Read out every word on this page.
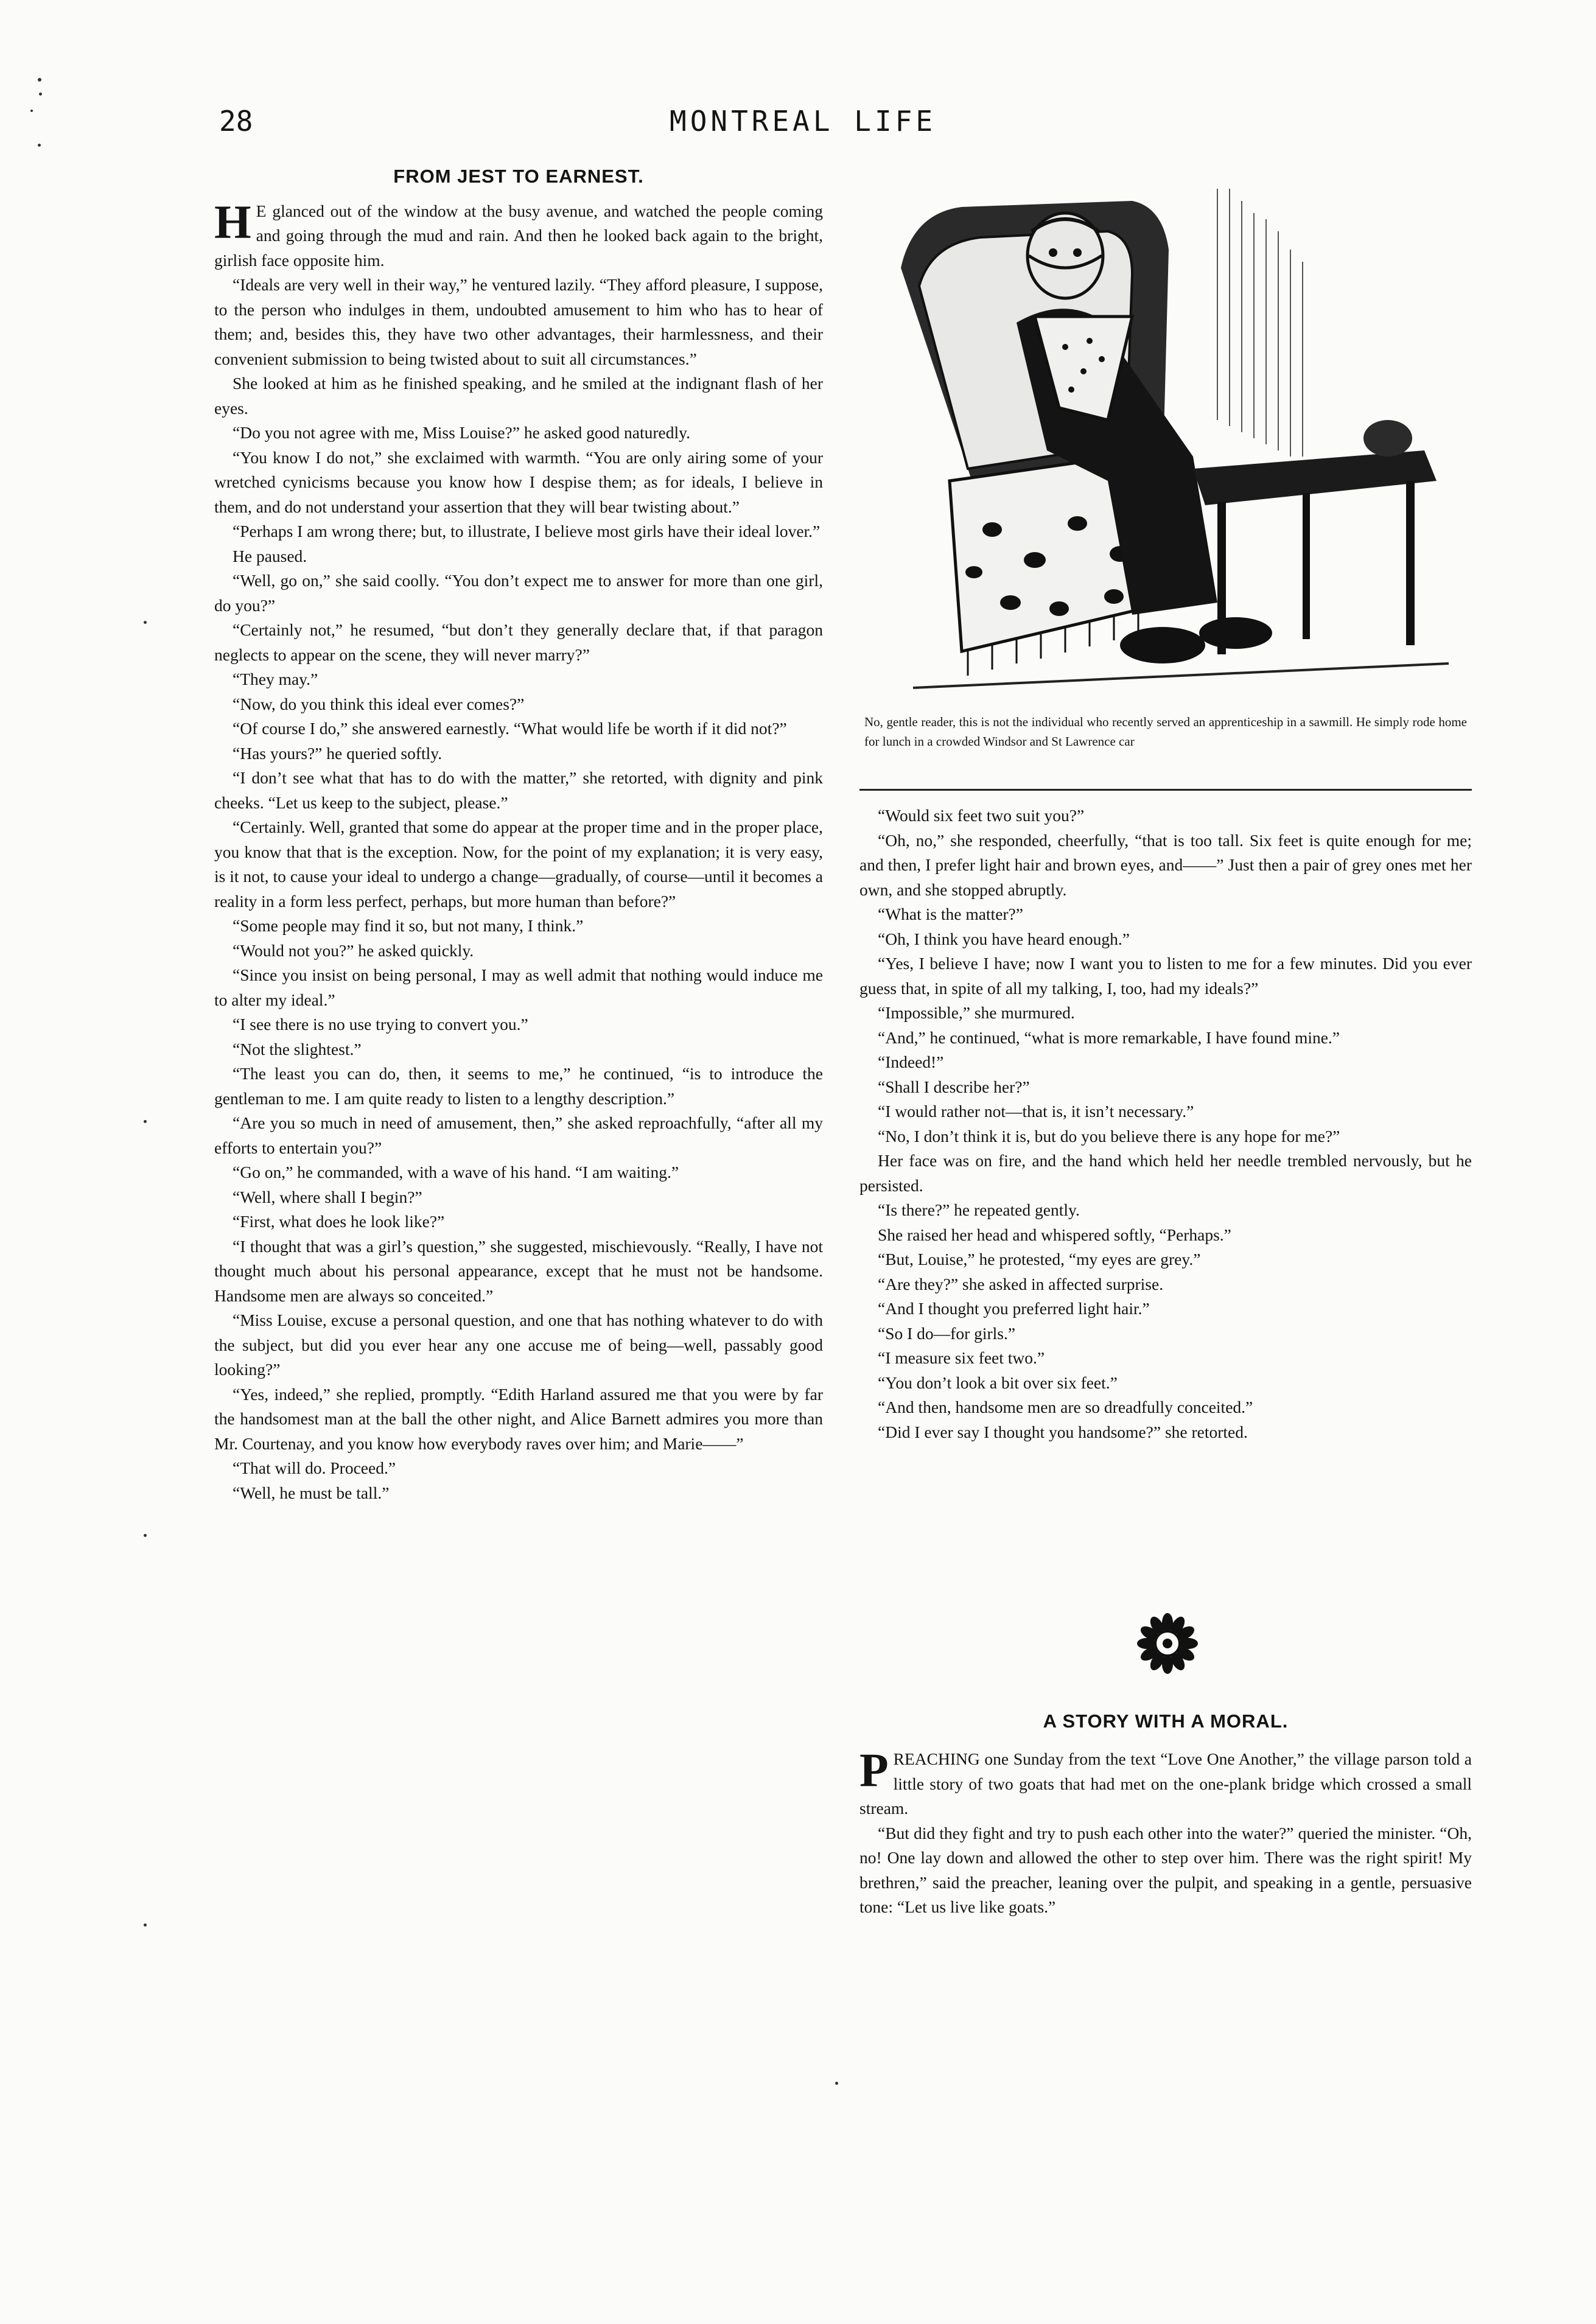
28	MONTREAL LIFE
FROM JEST TO EARNEST.

H E glanced out of the window at the busy avenue, and watched the people coming and going through the mud and rain. And then he looked back again to the bright, girlish face opposite him.

“Ideals are very well in their way,” he ventured lazily. “They afford pleasure, I suppose, to the person who indulges in them, undoubted amusement to him who has to hear of them; and, besides this, they have two other advantages, their harmlessness, and their convenient submission to being twisted about to suit all circumstances.”

She looked at him as he finished speaking, and he smiled at the indignant flash of her eyes.

“Do you not agree with me, Miss Louise?” he asked good naturedly.

“You know I do not,” she exclaimed with warmth. “You are only airing some of your wretched cynicisms because you know how I despise them; as for ideals, I believe in them, and do not understand your assertion that they will bear twisting about.”

“Perhaps I am wrong there; but, to illustrate, I believe most girls have their ideal lover.”

He paused.

“Well, go on,” she said coolly. “You don’t expect me to answer for more than one girl, do you?”

“Certainly not,” he resumed, “but don’t they generally declare that, if that paragon neglects to appear on the scene, they will never marry?”

“They may.”

“Now, do you think this ideal ever comes?”

“Of course I do,” she answered earnestly. “What would life be worth if it did not?”

“Has yours?” he queried softly.

“I don’t see what that has to do with the matter,” she retorted, with dignity and pink cheeks. “Let us keep to the subject, please.”

“Certainly. Well, granted that some do appear at the proper time and in the proper place, you know that that is the exception. Now, for the point of my explanation; it is very easy, is it not, to cause your ideal to undergo a change—gradually, of course—until it becomes a reality in a form less perfect, perhaps, but more human than before?”

“Some people may find it so, but not many, I think.”

“Would not you?” he asked quickly.

“Since you insist on being personal, I may as well admit that nothing would induce me to alter my ideal.”

“I see there is no use trying to convert you.”

“Not the slightest.”

“The least you can do, then, it seems to me,” he continued, “is to introduce the gentleman to me. I am quite ready to listen to a lengthy description.”

“Are you so much in need of amusement, then,” she asked reproachfully, “after all my efforts to entertain you?”

“Go on,” he commanded, with a wave of his hand. “I am waiting.”

“Well, where shall I begin?”

“First, what does he look like?”

“I thought that was a girl’s question,” she suggested, mischievously. “Really, I have not thought much about his personal appearance, except that he must not be handsome. Handsome men are always so conceited.”

“Miss Louise, excuse a personal question, and one that has nothing whatever to do with the subject, but did you ever hear any one accuse me of being—well, passably good looking?”

“Yes, indeed,” she replied, promptly. “Edith Harland assured me that you were by far the handsomest man at the ball the other night, and Alice Barnett admires you more than Mr. Courtenay, and you know how everybody raves over him; and Marie——”

“That will do. Proceed.”

“Well, he must be tall.”

No, gentle reader, this is not the individual who recently served an apprenticeship in a sawmill. He simply rode home for lunch in a crowded Windsor and St Lawrence car

“Would six feet two suit you?”

“Oh, no,” she responded, cheerfully, “that is too tall. Six feet is quite enough for me; and then, I prefer light hair and brown eyes, and——” Just then a pair of grey ones met her own, and she stopped abruptly.

“What is the matter?”

“Oh, I think you have heard enough.”

“Yes, I believe I have; now I want you to listen to me for a few minutes. Did you ever guess that, in spite of all my talking, I, too, had my ideals?”

“Impossible,” she murmured.

“And,” he continued, “what is more remarkable, I have found mine.”

“Indeed!”

“Shall I describe her?”

“I would rather not—that is, it isn’t necessary.”

“No, I don’t think it is, but do you believe there is any hope for me?”

Her face was on fire, and the hand which held her needle trembled nervously, but he persisted.

“Is there?” he repeated gently.

She raised her head and whispered softly, “Perhaps.”

“But, Louise,” he protested, “my eyes are grey.”

“Are they?” she asked in affected surprise.

“And I thought you preferred light hair.”

“So I do—for girls.”

“I measure six feet two.”

“You don’t look a bit over six feet.”

“And then, handsome men are so dreadfully conceited.”

“Did I ever say I thought you handsome?” she retorted.

A STORY WITH A MORAL.

PREACHING one Sunday from the text “Love One Another,” the village parson told a little story of two goats that had met on the one-plank bridge which crossed a small stream.

“But did they fight and try to push each other into the water?” queried the minister. “Oh, no! One lay down and allowed the other to step over him. There was the right spirit! My brethren,” said the preacher, leaning over the pulpit, and speaking in a gentle, persuasive tone: “Let us live like goats.”
